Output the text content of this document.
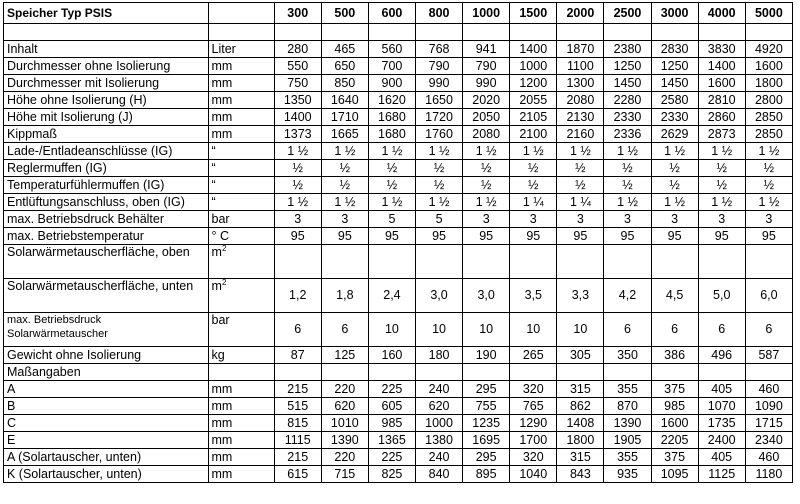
Speicher Typ PSIS		300	500	600	800	1000	1500	2000	2500	3000	4000	5000

Inhalt	Liter	280	465	560	768	941	1400	1870	2380	2830	3830	4920
Durchmesser ohne Isolierung	mm	550	650	700	790	790	1000	1100	1250	1250	1400	1600
Durchmesser mit Isolierung	mm	750	850	900	990	990	1200	1300	1450	1450	1600	1800
Höhe ohne Isolierung (H)	mm	1350	1640	1620	1650	2020	2055	2080	2280	2580	2810	2800
Höhe mit Isolierung (J)	mm	1400	1710	1680	1720	2050	2105	2130	2330	2330	2860	2850
Kippmaß	mm	1373	1665	1680	1760	2080	2100	2160	2336	2629	2873	2850
Lade-/Entladeanschlüsse (IG)	“	1 ½	1 ½	1 ½	1 ½	1 ½	1 ½	1 ½	1 ½	1 ½	1 ½	1 ½
Reglermuffen (IG)	“	½	½	½	½	½	½	½	½	½	½	½
Temperaturfühlermuffen (IG)	“	½	½	½	½	½	½	½	½	½	½	½
Entlüftungsanschluss, oben (IG)	“	1 ½	1 ½	1 ½	1 ½	1 ½	1 ¼	1 ¼	1 ½	1 ½	1 ½	1 ½
max. Betriebsdruck Behälter	bar	3	3	5	5	3	3	3	3	3	3	3
max. Betriebstemperatur	° C	95	95	95	95	95	95	95	95	95	95	95
Solarwärmetauscherfläche, oben	$m^2$											
Solarwärmetauscherfläche, unten	$m^2$	1,2	1,8	2,4	3,0	3,0	3,5	3,3	4,2	4,5	5,0	6,0
max. Betriebsdruck Solarwärmetauscher	bar	6	6	10	10	10	10	10	6	6	6	6
Gewicht ohne Isolierung	kg	87	125	160	180	190	265	305	350	386	496	587
Maßangaben												
A	mm	215	220	225	240	295	320	315	355	375	405	460
B	mm	515	620	605	620	755	765	862	870	985	1070	1090
C	mm	815	1010	985	1000	1235	1290	1408	1390	1600	1735	1715
E	mm	1115	1390	1365	1380	1695	1700	1800	1905	2205	2400	2340
A (Solartauscher, unten)	mm	215	220	225	240	295	320	315	355	375	405	460
K (Solartauscher, unten)	mm	615	715	825	840	895	1040	843	935	1095	1125	1180
